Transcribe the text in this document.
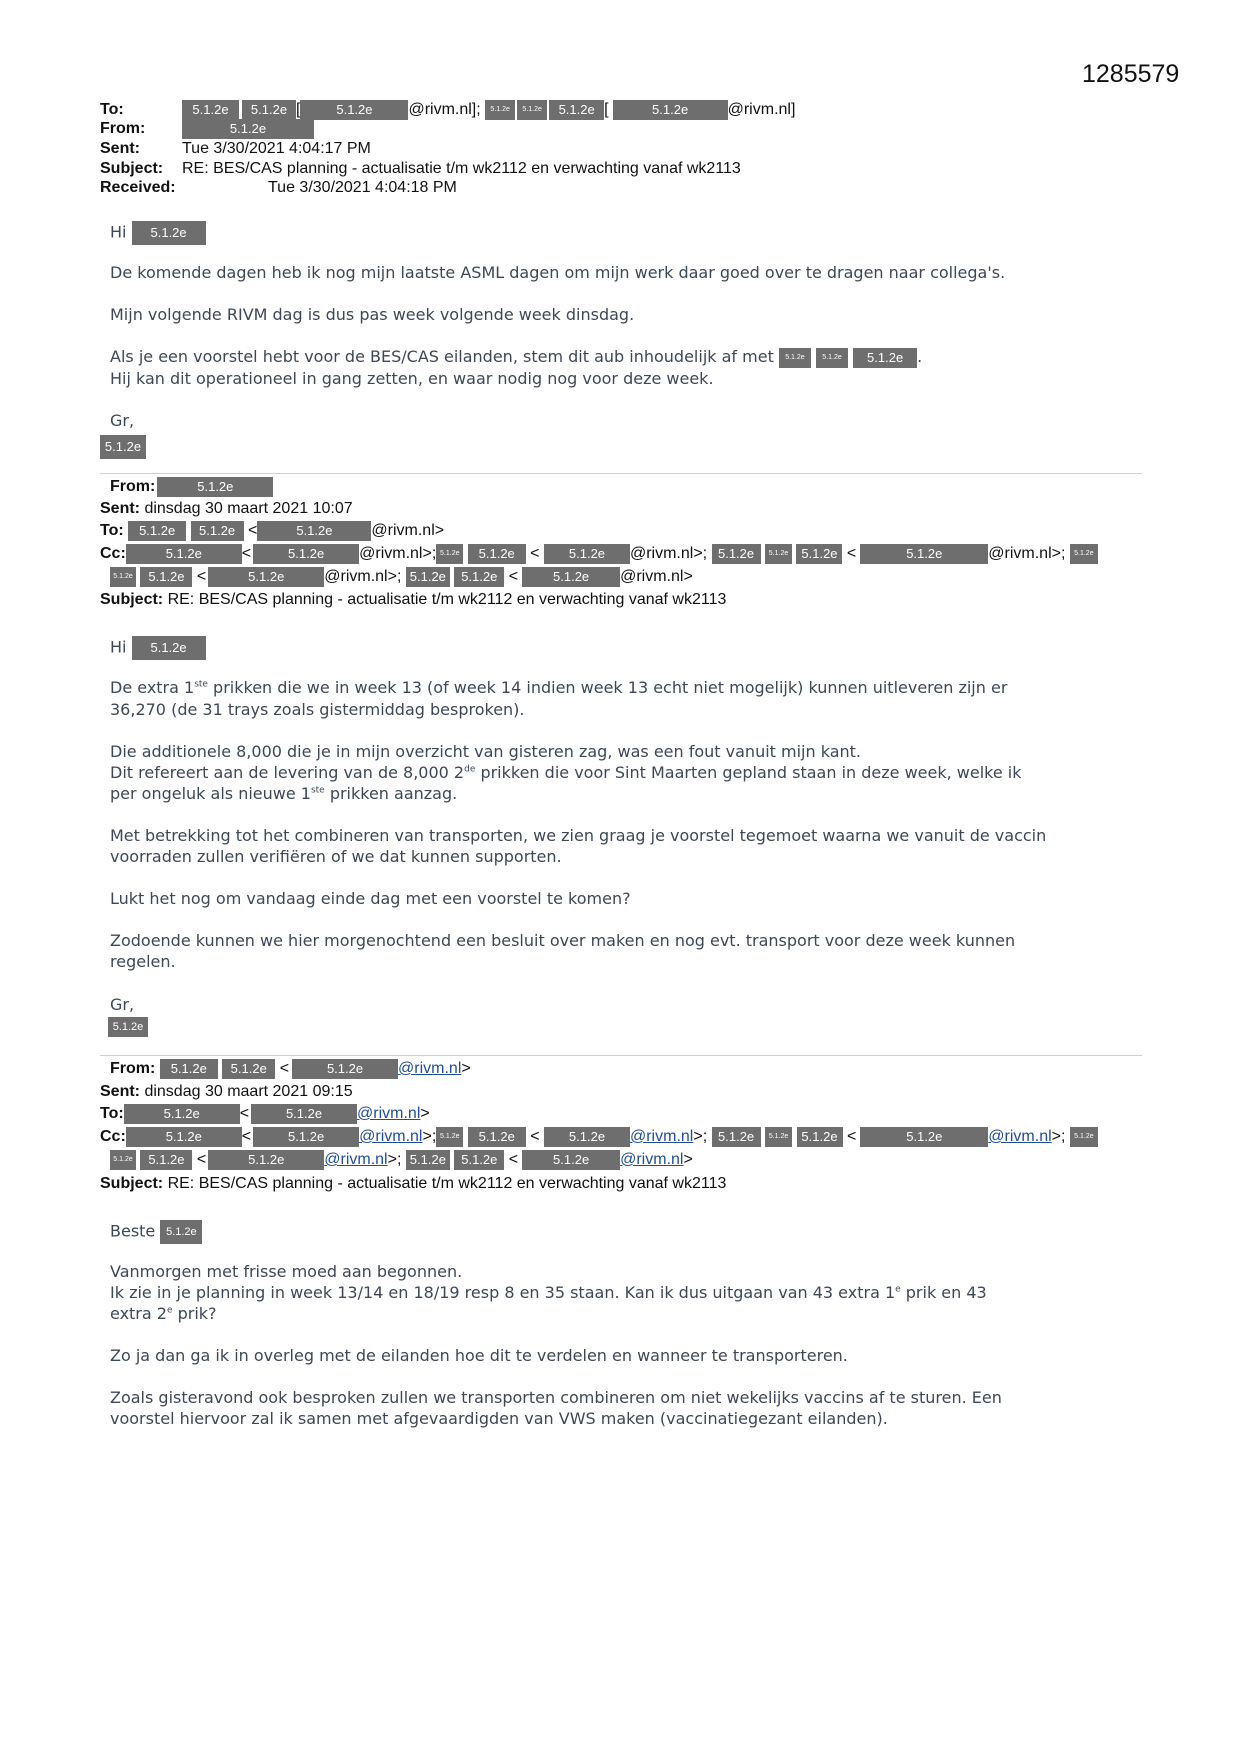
1285579
To:	5.1.2e 5.1.2e [	5.1.2e @rivm.nl]; 5.1.2e 5.1.2e 5.1.2e [	5.1.2e @rivm.nl]
From:	5.1.2e
Sent:	Tue 3/30/2021 4:04:17 PM
Subject: RE: BES/CAS planning - actualisatie t/m wk2112 en verwachting vanaf wk2113
Received:	Tue 3/30/2021 4:04:18 PM
Hi 5.1.2e
De komende dagen heb ik nog mijn laatste ASML dagen om mijn werk daar goed over te dragen naar collega's.
Mijn volgende RIVM dag is dus pas week volgende week dinsdag.
Als je een voorstel hebt voor de BES/CAS eilanden, stem dit aub inhoudelijk af met 5.1.2e	5.1.2e 5.1.2e .
Hij kan dit operationeel in gang zetten, en waar nodig nog voor deze week.
Gr,
5.1.2e
From:	5.1.2e
Sent: dinsdag 30 maart 2021 10:07
To: 5.1.2e 5.1.2e <	5.1.2e @rivm.nl>
Cc:	5.1.2e <	5.1.2e @rivm.nl>; 5.1.2e 5.1.2e < 5.1.2e @rivm.nl>; 5.1.2e 5.1.2e 5.1.2e <	5.1.2e	@rivm.nl>; 5.1.2e
5.1.2e 5.1.2e <	5.1.2e @rivm.nl>; 5.1.2e 5.1.2e <	5.1.2e @rivm.nl>
Subject: RE: BES/CAS planning - actualisatie t/m wk2112 en verwachting vanaf wk2113
Hi 5.1.2e
De extra 1ste prikken die we in week 13 (of week 14 indien week 13 echt niet mogelijk) kunnen uitleveren zijn er
36,270 (de 31 trays zoals gistermiddag besproken).
Die additionele 8,000 die je in mijn overzicht van gisteren zag, was een fout vanuit mijn kant.
Dit refereert aan de levering van de 8,000 2de prikken die voor Sint Maarten gepland staan in deze week, welke ik
per ongeluk als nieuwe 1ste prikken aanzag.
Met betrekking tot het combineren van transporten, we zien graag je voorstel tegemoet waarna we vanuit de vaccin
voorraden zullen verifiëren of we dat kunnen supporten.
Lukt het nog om vandaag einde dag met een voorstel te komen?
Zodoende kunnen we hier morgenochtend een besluit over maken en nog evt. transport voor deze week kunnen
regelen.
Gr,
5.1.2e
From: 5.1.2e 5.1.2e <	5.1.2e @rivm.nl>
Sent: dinsdag 30 maart 2021 09:15
To:	5.1.2e <	5.1.2e @rivm.nl>
Cc:	5.1.2e <	5.1.2e @rivm.nl>; 5.1.2e 5.1.2e < 5.1.2e @rivm.nl>; 5.1.2e 5.1.2e 5.1.2e <	5.1.2e	@rivm.nl>; 5.1.2e
5.1.2e 5.1.2e <	5.1.2e @rivm.nl>; 5.1.2e 5.1.2e <	5.1.2e @rivm.nl>
Subject: RE: BES/CAS planning - actualisatie t/m wk2112 en verwachting vanaf wk2113
Beste 5.1.2e
Vanmorgen met frisse moed aan begonnen.
Ik zie in je planning in week 13/14 en 18/19 resp 8 en 35 staan. Kan ik dus uitgaan van 43 extra 1e prik en 43
extra 2e prik?
Zo ja dan ga ik in overleg met de eilanden hoe dit te verdelen en wanneer te transporteren.
Zoals gisteravond ook besproken zullen we transporten combineren om niet wekelijks vaccins af te sturen. Een
voorstel hiervoor zal ik samen met afgevaardigden van VWS maken (vaccinatiegezant eilanden).
